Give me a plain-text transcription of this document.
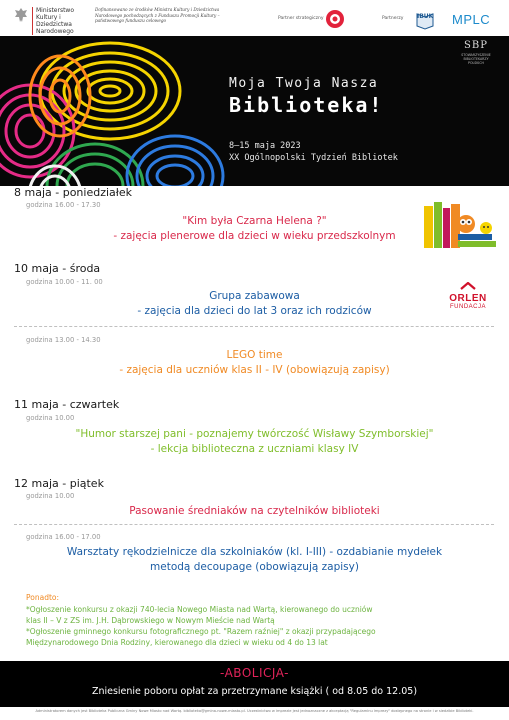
Ministerstwo Kultury i Dziedzictwa Narodowego
Dofinansowano ze środków Ministra Kultury i Dziedzictwa Narodowego pochodzących z Funduszu Promocji Kultury – państwowego funduszu celowego	Partner strategiczny	Partnerzy IBUK MPLC
SBP
STOWARZYSZENIE BIBLIOTEKARZY POLSKICH
Moja Twoja Nasza
Biblioteka!
8–15 maja 2023
XX Ogólnopolski Tydzień Bibliotek
ORLEN
FUNDACJA
8 maja - poniedziałek
godzina 16.00 - 17.30
"Kim była Czarna Helena ?"
- zajęcia plenerowe dla dzieci w wieku przedszkolnym
10 maja - środa
godzina 10.00 - 11. 00
Grupa zabawowa
- zajęcia dla dzieci do lat 3 oraz ich rodziców
godzina 13.00 - 14.30
LEGO time
- zajęcia dla uczniów klas II - IV (obowiązują zapisy)
11 maja - czwartek
godzina 10.00
"Humor starszej pani - poznajemy twórczość Wisławy Szymborskiej"
- lekcja biblioteczna z uczniami klasy IV
12 maja - piątek
godzina 10.00
Pasowanie średniaków na czytelników biblioteki
godzina 16.00 - 17.00
Warsztaty rękodzielnicze dla szkolniaków (kl. I-III) - ozdabianie mydełek
metodą decoupage (obowiązują zapisy)
Ponadto:
*Ogłoszenie konkursu z okazji 740-lecia Nowego Miasta nad Wartą, kierowanego do uczniów
klas II – V z ZS im. J.H. Dąbrowskiego w Nowym Mieście nad Wartą
*Ogłoszenie gminnego konkursu fotograficznego pt. "Razem raźniej" z okazji przypadającego
Międzynarodowego Dnia Rodziny, kierowanego dla dzieci w wieku od 4 do 13 lat
-ABOLICJA-
Zniesienie poboru opłat za przetrzymane książki ( od 8.05 do 12.05)
Administratorem danych jest Biblioteka Publiczna Gminy Nowe Miasto nad Wartą. biblioteka@gmina-nowe-miasto.pl. Uczestnictwo w imprezie jest jednoznaczne z akceptacją "Regulaminu imprezy" dostępnego na stronie i w siedzibie Biblioteki.
